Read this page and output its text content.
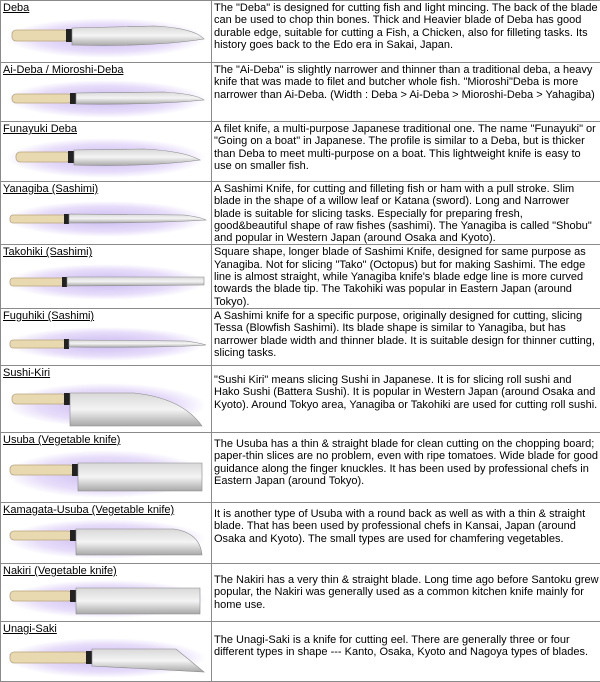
Deba	The "Deba" is designed for cutting fish and light mincing. The back of the blade can be used to chop thin bones. Thick and Heavier blade of Deba has good durable edge, suitable for cutting a Fish, a Chicken, also for filleting tasks. Its history goes back to the Edo era in Sakai, Japan.

Ai-Deba / Mioroshi-Deba	The "Ai-Deba" is slightly narrower and thinner than a traditional deba, a heavy knife that was made to filet and butcher whole fish. "Mioroshi"Deba is more narrower than Ai-Deba. (Width : Deba > Ai-Deba > Mioroshi-Deba > Yahagiba)

Funayuki Deba	A filet knife, a multi-purpose Japanese traditional one. The name "Funayuki" or "Going on a boat" in Japanese. The profile is similar to a Deba, but is thicker than Deba to meet multi-purpose on a boat. This lightweight knife is easy to use on smaller fish.

Yanagiba (Sashimi)	A Sashimi Knife, for cutting and filleting fish or ham with a pull stroke. Slim blade in the shape of a willow leaf or Katana (sword). Long and Narrower blade is suitable for slicing tasks. Especially for preparing fresh, good&beautiful shape of raw fishes (sashimi). The Yanagiba is called "Shobu" and popular in Western Japan (around Osaka and Kyoto).

Takohiki (Sashimi)	Square shape, longer blade of Sashimi Knife, designed for same purpose as Yanagiba. Not for slicing "Tako" (Octopus) but for making Sashimi. The edge line is almost straight, while Yanagiba knife's blade edge line is more curved towards the blade tip. The Takohiki was popular in Eastern Japan (around Tokyo).

Fuguhiki (Sashimi)	A Sashimi knife for a specific purpose, originally designed for cutting, slicing Tessa (Blowfish Sashimi). Its blade shape is similar to Yanagiba, but has narrower blade width and thinner blade. It is suitable design for thinner cutting, slicing tasks.

Sushi-Kiri	"Sushi Kiri" means slicing Sushi in Japanese. It is for slicing roll sushi and Hako Sushi (Battera Sushi). It is popular in Western Japan (around Osaka and Kyoto). Around Tokyo area, Yanagiba or Takohiki are used for cutting roll sushi.

Usuba (Vegetable knife)	The Usuba has a thin & straight blade for clean cutting on the chopping board; paper-thin slices are no problem, even with ripe tomatoes. Wide blade for good guidance along the finger knuckles. It has been used by professional chefs in Eastern Japan (around Tokyo).

Kamagata-Usuba (Vegetable knife)	It is another type of Usuba with a round back as well as with a thin & straight blade. That has been used by professional chefs in Kansai, Japan (around Osaka and Kyoto). The small types are used for chamfering vegetables.

Nakiri (Vegetable knife)	The Nakiri has a very thin & straight blade. Long time ago before Santoku grew popular, the Nakiri was generally used as a common kitchen knife mainly for home use.

Unagi-Saki	The Unagi-Saki is a knife for cutting eel. There are generally three or four different types in shape --- Kanto, Osaka, Kyoto and Nagoya types of blades.
